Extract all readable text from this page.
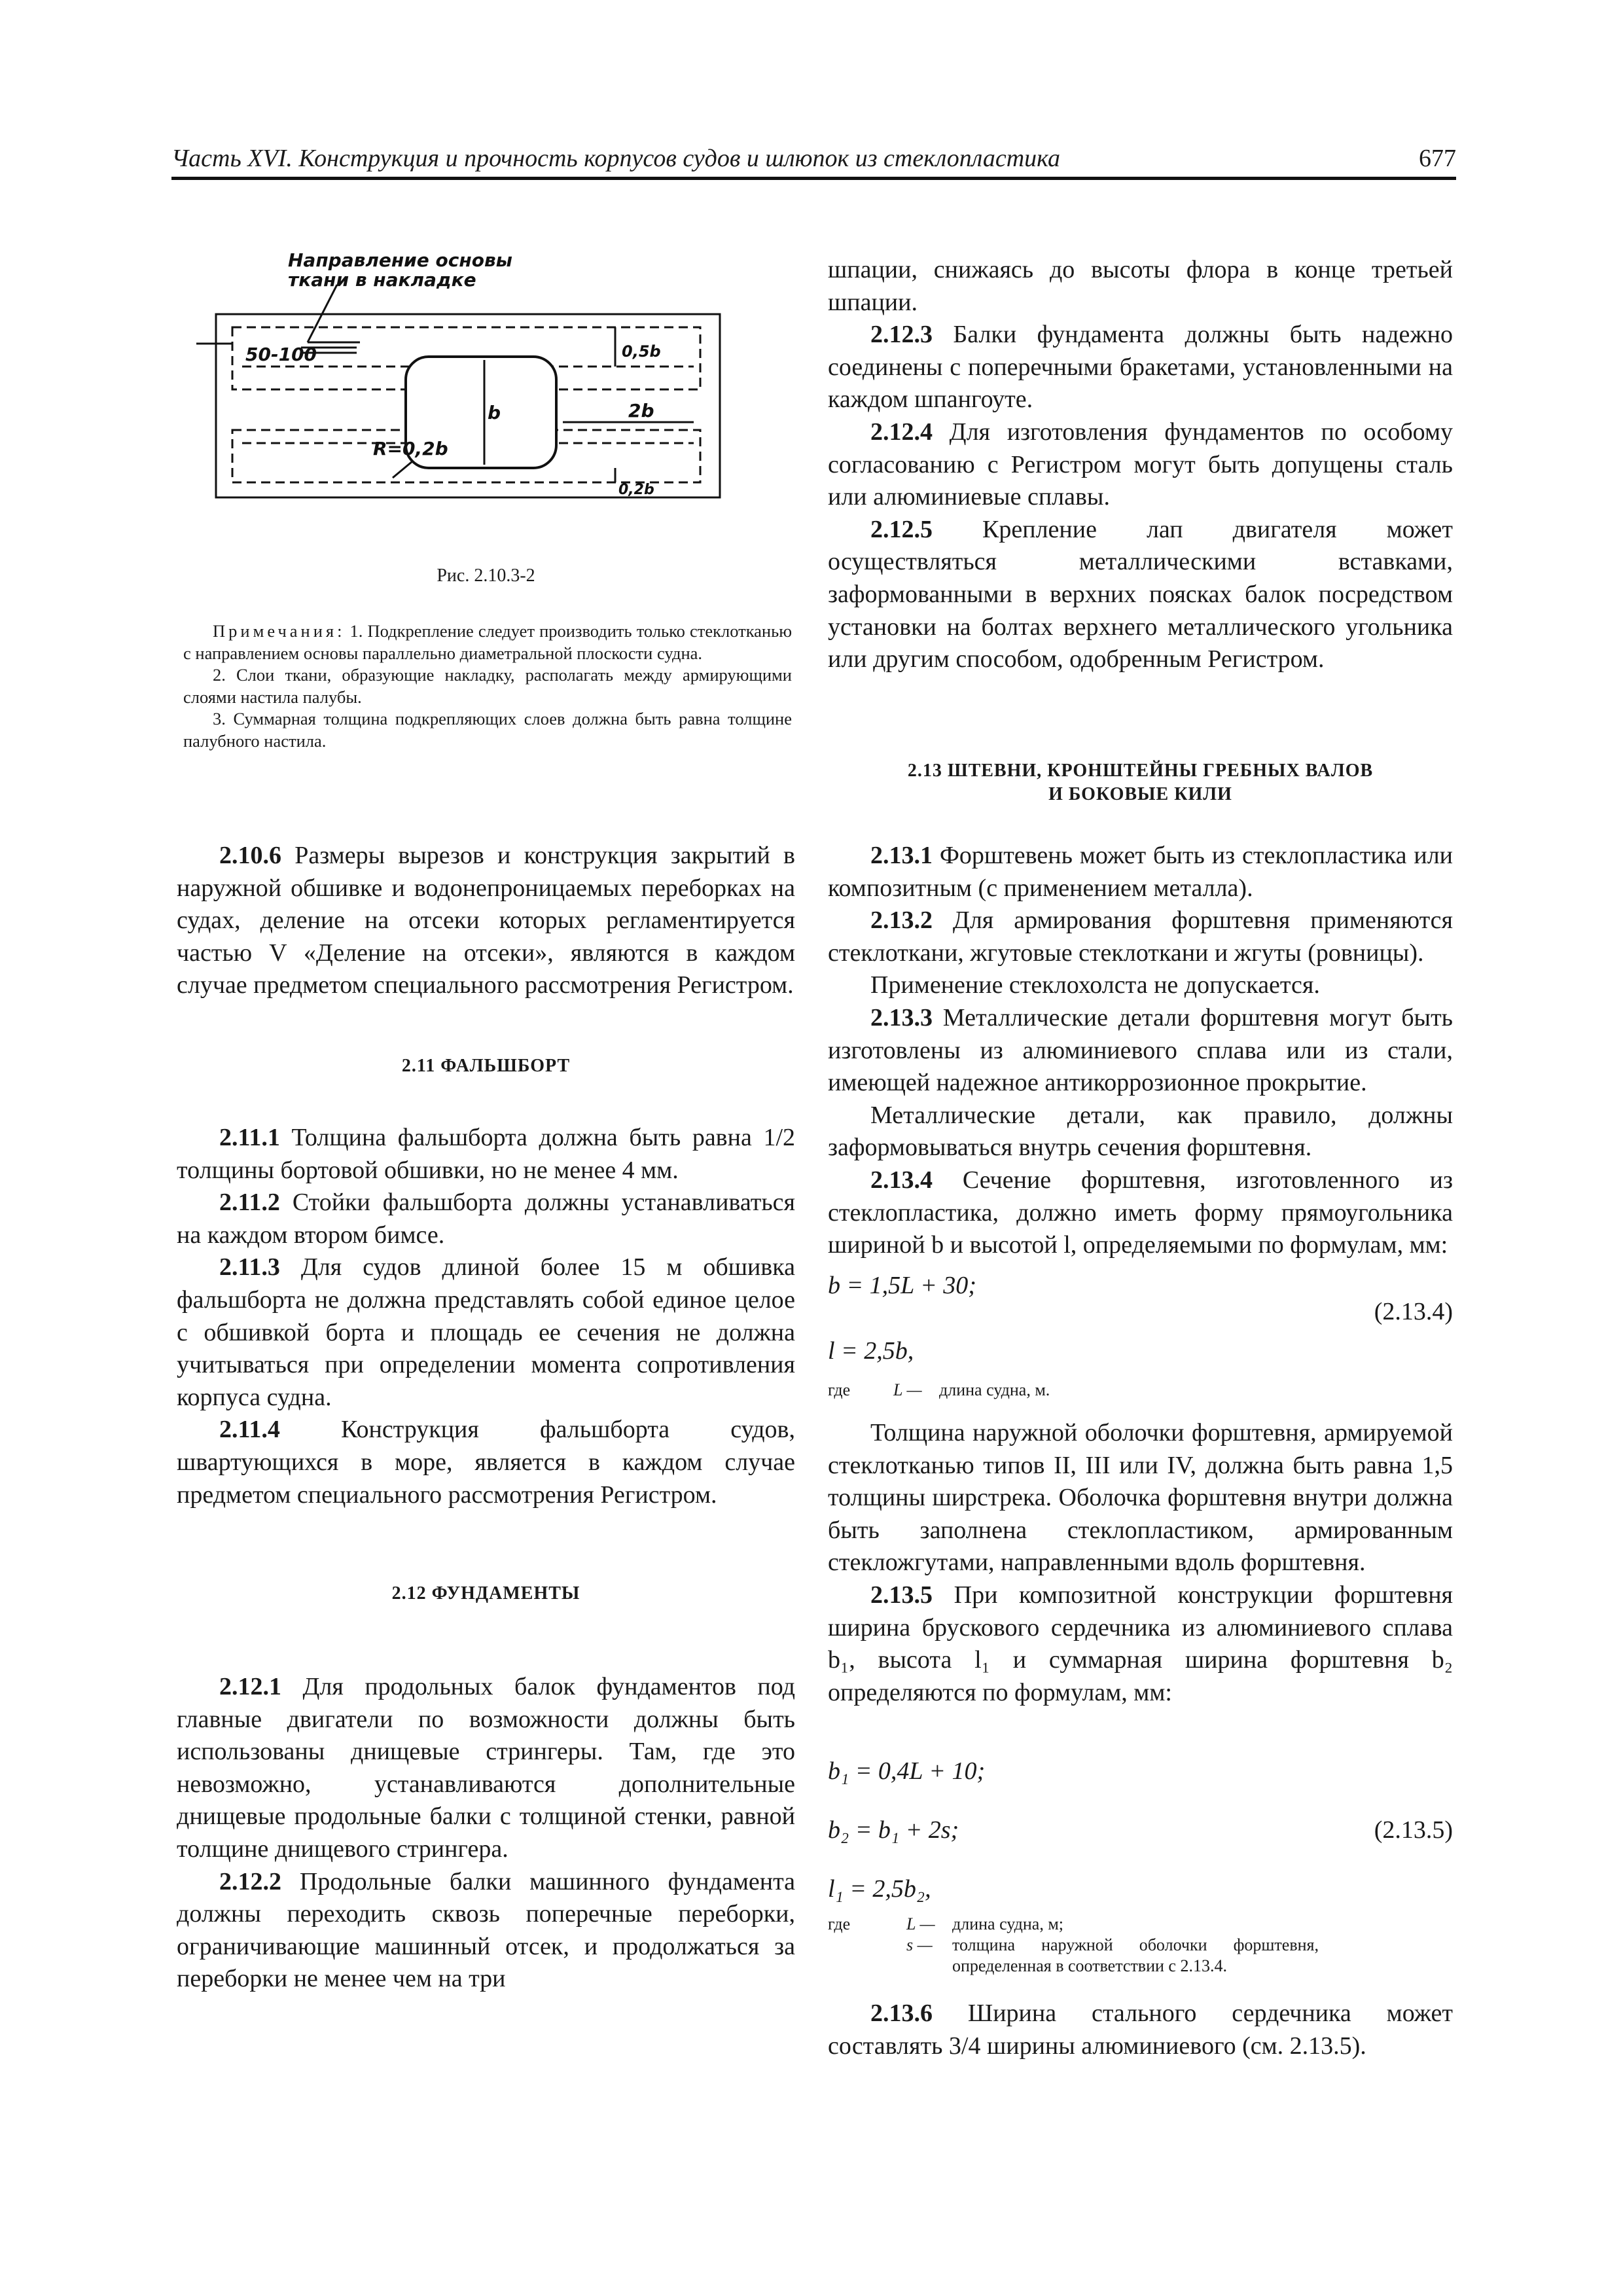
Часть XVI. Конструкция и прочность корпусов судов и шлюпок из стеклопластика	677
Направление основы
ткани в накладке
50-100
R=0,2b
b	2b
0,5b
0,2b

Рис. 2.10.3-2

Примечания: 1. Подкрепление следует производить только стеклотканью с направлением основы параллельно диаметральной плоскости судна.

2. Слои ткани, образующие накладку, располагать между армирующими слоями настила палубы.

3. Суммарная толщина подкрепляющих слоев должна быть равна толщине палубного настила.

2.10.6 Размеры вырезов и конструкция закрытий в наружной обшивке и водонепроницаемых переборках на судах, деление на отсеки которых регламентируется частью V «Деление на отсеки», являются в каждом случае предметом специального рассмотрения Регистром.

2.11 ФАЛЬШБОРТ

2.11.1 Толщина фальшборта должна быть равна 1/2 толщины бортовой обшивки, но не менее 4 мм.

2.11.2 Стойки фальшборта должны устанавливаться на каждом втором бимсе.

2.11.3 Для судов длиной более 15 м обшивка фальшборта не должна представлять собой единое целое с обшивкой борта и площадь ее сечения не должна учитываться при определении момента сопротивления корпуса судна.

2.11.4 Конструкция фальшборта судов, швартующихся в море, является в каждом случае предметом специального рассмотрения Регистром.

2.12 ФУНДАМЕНТЫ

2.12.1 Для продольных балок фундаментов под главные двигатели по возможности должны быть использованы днищевые стрингеры. Там, где это невозможно, устанавливаются дополнительные днищевые продольные балки с толщиной стенки, равной толщине днищевого стрингера.

2.12.2 Продольные балки машинного фундамента должны переходить сквозь поперечные переборки, ограничивающие машинный отсек, и продолжаться за переборки не менее чем на три

шпации, снижаясь до высоты флора в конце третьей шпации.

2.12.3 Балки фундамента должны быть надежно соединены с поперечными бракетами, установленными на каждом шпангоуте.

2.12.4 Для изготовления фундаментов по особому согласованию с Регистром могут быть допущены сталь или алюминиевые сплавы.

2.12.5 Крепление лап двигателя может осуществляться металлическими вставками, заформованными в верхних поясках балок посредством установки на болтах верхнего металлического угольника или другим способом, одобренным Регистром.

2.13 ШТЕВНИ, КРОНШТЕЙНЫ ГРЕБНЫХ ВАЛОВ

И БОКОВЫЕ КИЛИ

2.13.1 Форштевень может быть из стеклопластика или композитным (с применением металла).

2.13.2 Для армирования форштевня применяются стеклоткани, жгутовые стеклоткани и жгуты (ровницы).

Применение стеклохолста не допускается.

2.13.3 Металлические детали форштевня могут быть изготовлены из алюминиевого сплава или из стали, имеющей надежное антикоррозионное прокрытие.

Металлические детали, как правило, должны заформовываться внутрь сечения форштевня.

2.13.4 Сечение форштевня, изготовленного из стеклопластика, должно иметь форму прямоугольника шириной b и высотой l, определяемыми по формулам, мм:

b = 1,5L + 30;
(2.13.4)
l = 2,5b,
где	L — длина судна, м.

Толщина наружной оболочки форштевня, армируемой стеклотканью типов II, III или IV, должна быть равна 1,5 толщины ширстрека. Оболочка форштевня внутри должна быть заполнена стеклопластиком, армированным стекложгутами, направленными вдоль форштевня.

2.13.5 При композитной конструкции форштевня ширина брускового сердечника из алюминиевого сплава b₁, высота l₁ и суммарная ширина форштевня b₂ определяются по формулам, мм:

b₁ = 0,4L + 10;
b₂ = b₁ + 2s;	(2.13.5)
l₁ = 2,5b₂,
где	L — длина судна, м;
s —	толщина наружной оболочки форштевня, определенная в соответствии с 2.13.4.

2.13.6 Ширина стального сердечника может составлять 3/4 ширины алюминиевого (см. 2.13.5).
